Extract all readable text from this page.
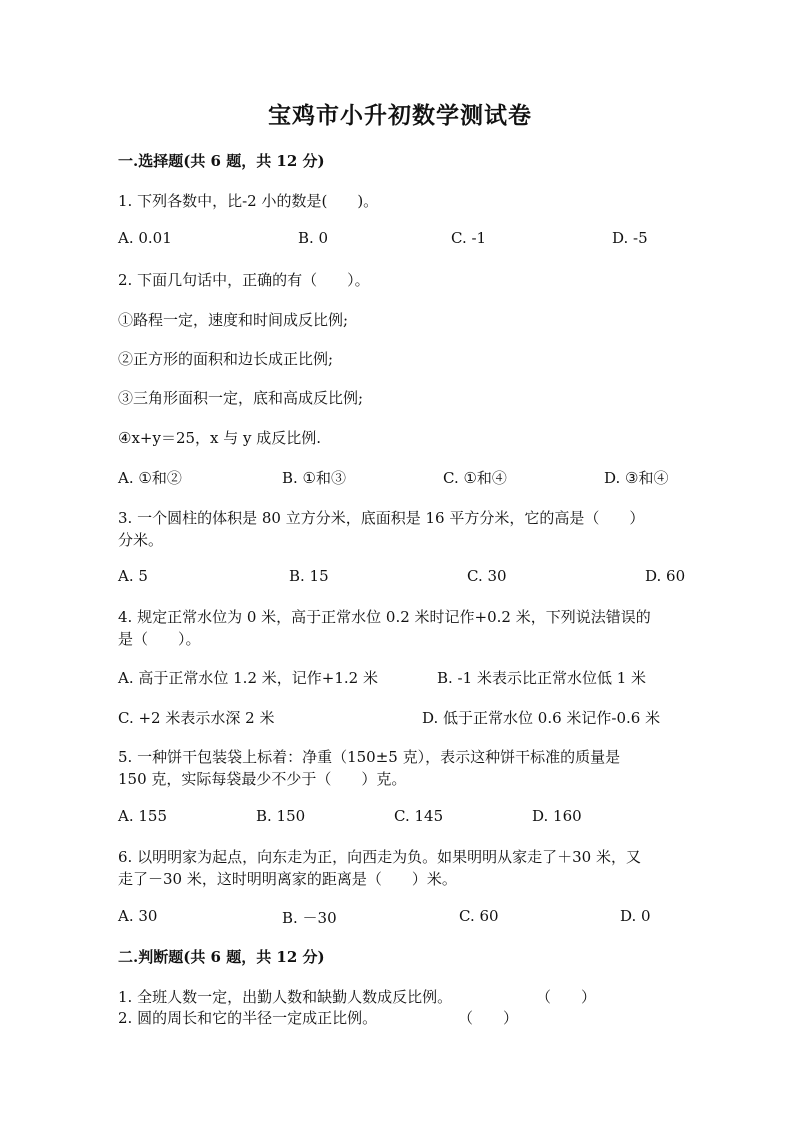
宝鸡市小升初数学测试卷
一.选择题(共 6 题，共 12 分)
1. 下列各数中，比-2 小的数是(　　)。
A. 0.01	B. 0	C. -1	D. -5
2. 下面几句话中，正确的有（　　）。
①路程一定，速度和时间成反比例;
②正方形的面积和边长成正比例;
③三角形面积一定，底和高成反比例;
④x+y＝25，x 与 y 成反比例.
A. ①和②	B. ①和③	C. ①和④	D. ③和④
3. 一个圆柱的体积是 80 立方分米，底面积是 16 平方分米，它的高是（　　）
分米。
A. 5	B. 15	C. 30	D. 60
4. 规定正常水位为 0 米，高于正常水位 0.2 米时记作+0.2 米，下列说法错误的
是（　　）。
A. 高于正常水位 1.2 米，记作+1.2 米	B. -1 米表示比正常水位低 1 米
C. +2 米表示水深 2 米	D. 低于正常水位 0.6 米记作-0.6 米
5. 一种饼干包装袋上标着：净重（150±5 克），表示这种饼干标准的质量是
150 克，实际每袋最少不少于（　　）克。
A. 155	B. 150	C. 145	D. 160
6. 以明明家为起点，向东走为正，向西走为负。如果明明从家走了＋30 米，又
走了－30 米，这时明明离家的距离是（　　）米。
A. 30	B. －30	C. 60	D. 0
二.判断题(共 6 题，共 12 分)
1. 全班人数一定，出勤人数和缺勤人数成反比例。	（　　）
2. 圆的周长和它的半径一定成正比例。	（　　）
